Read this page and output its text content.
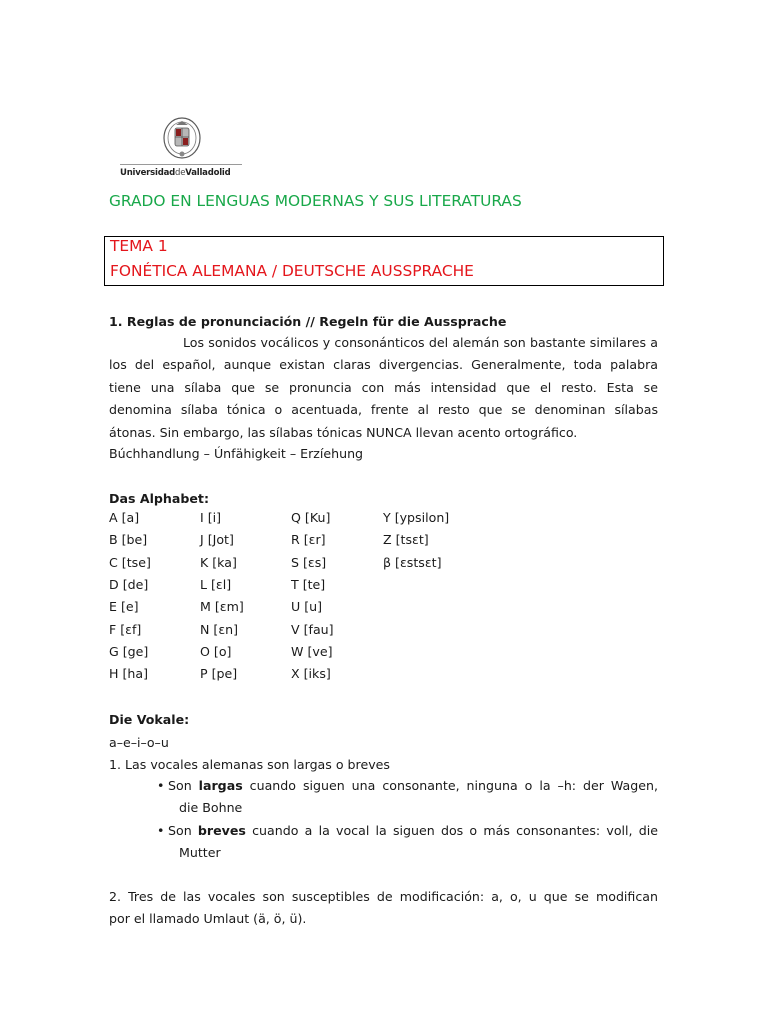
UniversidaddeValladolid
GRADO EN LENGUAS MODERNAS Y SUS LITERATURAS
TEMA 1
FONÉTICA ALEMANA / DEUTSCHE AUSSPRACHE
1. Reglas de pronunciación // Regeln für die Aussprache
Los sonidos vocálicos y consonánticos del alemán son bastante similares a
los del español, aunque existan claras divergencias. Generalmente, toda palabra
tiene una sílaba que se pronuncia con más intensidad que el resto. Esta se
denomina sílaba tónica o acentuada, frente al resto que se denominan sílabas
átonas. Sin embargo, las sílabas tónicas NUNCA llevan acento ortográfico.
Búchhandlung – Únfähigkeit – Erzíehung
Das Alphabet:
A [a]
B [be]
C [tse]
D [de]
E [e]
F [ɛf]
G [ge]
H [ha]
I [i]
J [Jot]
K [ka]
L [ɛl]
M [ɛm]
N [ɛn]
O [o]
P [pe]
Q [Ku]
R [ɛr]
S [ɛs]
T [te]
U [u]
V [fau]
W [ve]
X [iks]
Y [ypsilon]
Z [tsɛt]
β [ɛstsɛt]
Die Vokale:
a–e–i–o–u
1. Las vocales alemanas son largas o breves
• Son largas cuando siguen una consonante, ninguna o la –h: der Wagen,
die Bohne
• Son breves cuando a la vocal la siguen dos o más consonantes: voll, die
Mutter
2. Tres de las vocales son susceptibles de modificación: a, o, u que se modifican
por el llamado Umlaut (ä, ö, ü).
